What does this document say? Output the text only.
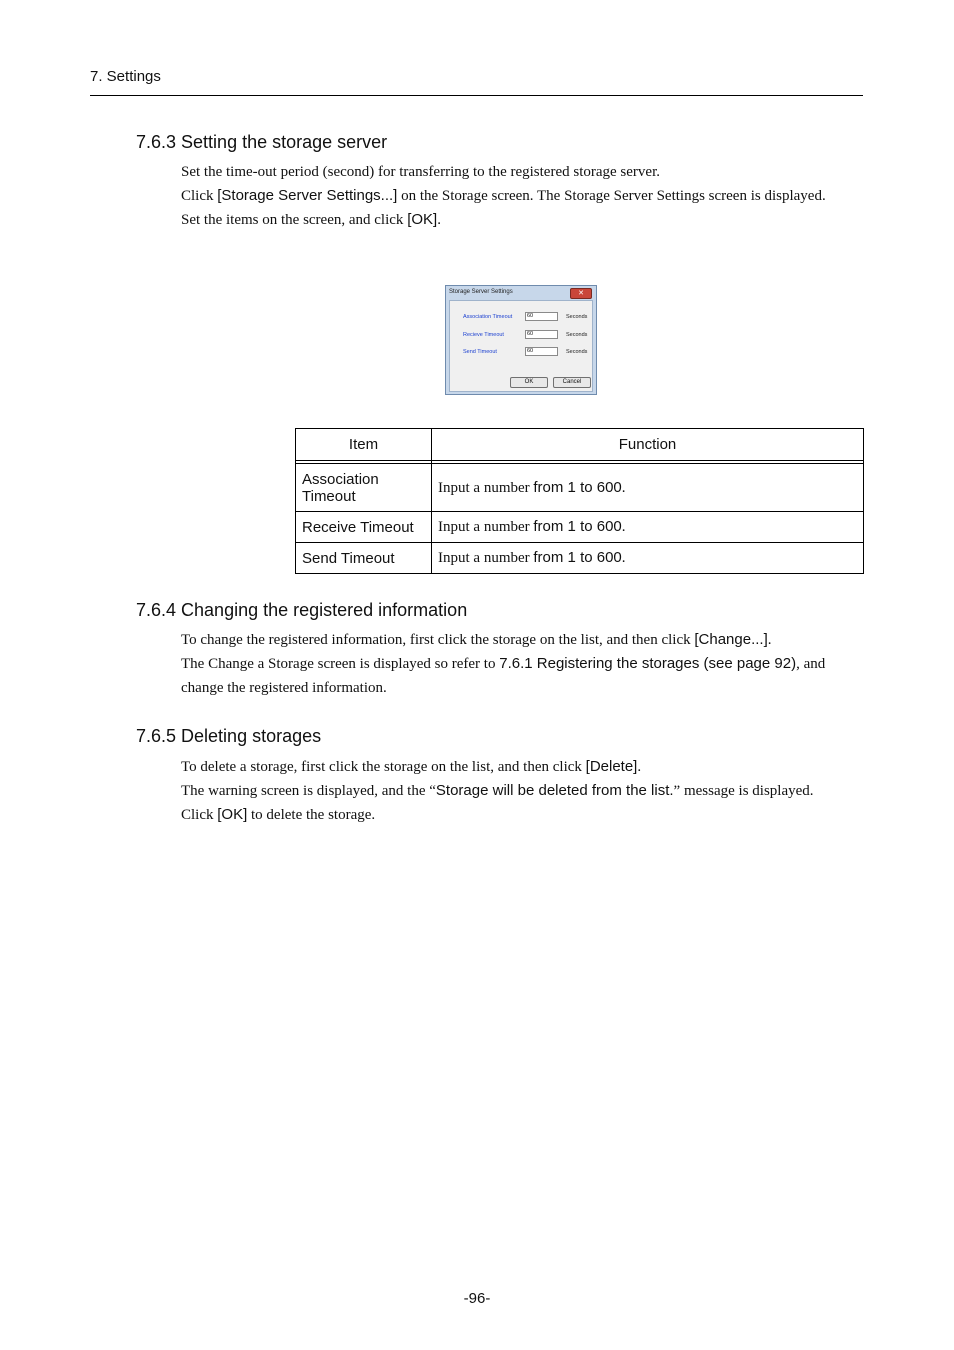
7. Settings
7.6.3 Setting the storage server

Set the time-out period (second) for transferring to the registered storage server.

Click [Storage Server Settings...] on the Storage screen. The Storage Server Settings screen is displayed.

Set the items on the screen, and click [OK].

Storage Server Settings	✕
Association Timeout	60	Seconds
Recieve Timeout	60	Seconds
Send Timeout	60	Seconds
OK	Cancel
Item	Function

Association Timeout	Input a number from 1 to 600.
Receive Timeout	Input a number from 1 to 600.
Send Timeout	Input a number from 1 to 600.
7.6.4 Changing the registered information

To change the registered information, first click the storage on the list, and then click [Change...].

The Change a Storage screen is displayed so refer to 7.6.1 Registering the storages (see page 92), and change the registered information.

7.6.5 Deleting storages

To delete a storage, first click the storage on the list, and then click [Delete].

The warning screen is displayed, and the “Storage will be deleted from the list.” message is displayed.

Click [OK] to delete the storage.

-96-
